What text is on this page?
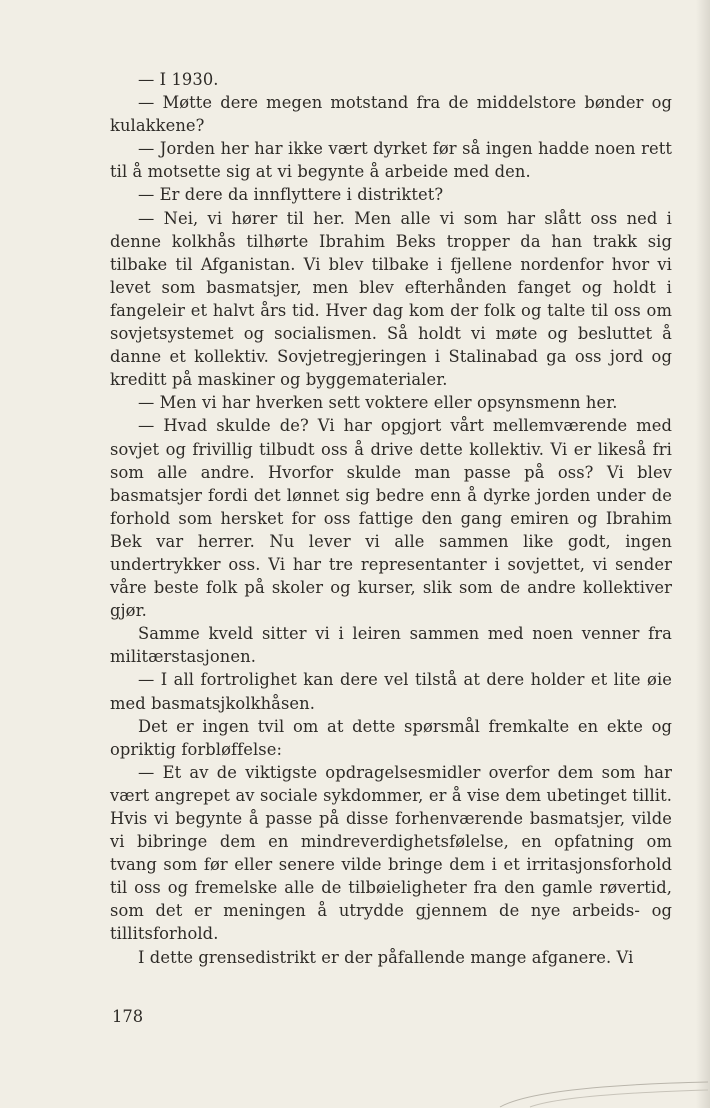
— I 1930.

— Møtte dere megen motstand fra de middelstore bønder og kulakkene?

— Jorden her har ikke vært dyrket før så ingen hadde noen rett til å motsette sig at vi begynte å arbeide med den.

— Er dere da innflyttere i distriktet?

— Nei, vi hører til her. Men alle vi som har slått oss ned i denne kolkhås tilhørte Ibrahim Beks tropper da han trakk sig tilbake til Afganistan. Vi blev tilbake i fjellene nordenfor hvor vi levet som basmatsjer, men blev efterhånden fanget og holdt i fangeleir et halvt års tid. Hver dag kom der folk og talte til oss om sovjetsystemet og socialismen. Så holdt vi møte og besluttet å danne et kollektiv. Sovjetregjeringen i Stalinabad ga oss jord og kreditt på maskiner og byggematerialer.

— Men vi har hverken sett voktere eller opsynsmenn her.

— Hvad skulde de? Vi har opgjort vårt mellemværende med sovjet og frivillig tilbudt oss å drive dette kollektiv. Vi er likeså fri som alle andre. Hvorfor skulde man passe på oss? Vi blev basmatsjer fordi det lønnet sig bedre enn å dyrke jorden under de forhold som hersket for oss fattige den gang emiren og Ibrahim Bek var herrer. Nu lever vi alle sammen like godt, ingen undertrykker oss. Vi har tre representanter i sovjettet, vi sender våre beste folk på skoler og kurser, slik som de andre kollektiver gjør.

Samme kveld sitter vi i leiren sammen med noen venner fra militærstasjonen.

— I all fortrolighet kan dere vel tilstå at dere holder et lite øie med basmatsjkolkhåsen.

Det er ingen tvil om at dette spørsmål fremkalte en ekte og opriktig forbløffelse:

— Et av de viktigste opdragelsesmidler overfor dem som har vært angrepet av sociale sykdommer, er å vise dem ubetinget tillit. Hvis vi begynte å passe på disse forhenværende basmatsjer, vilde vi bibringe dem en mindreverdighetsfølelse, en opfatning om tvang som før eller senere vilde bringe dem i et irritasjonsforhold til oss og fremelske alle de tilbøieligheter fra den gamle røvertid, som det er meningen å utrydde gjennem de nye arbeids- og tillitsforhold.

I dette grensedistrikt er der påfallende mange afganere. Vi

178
